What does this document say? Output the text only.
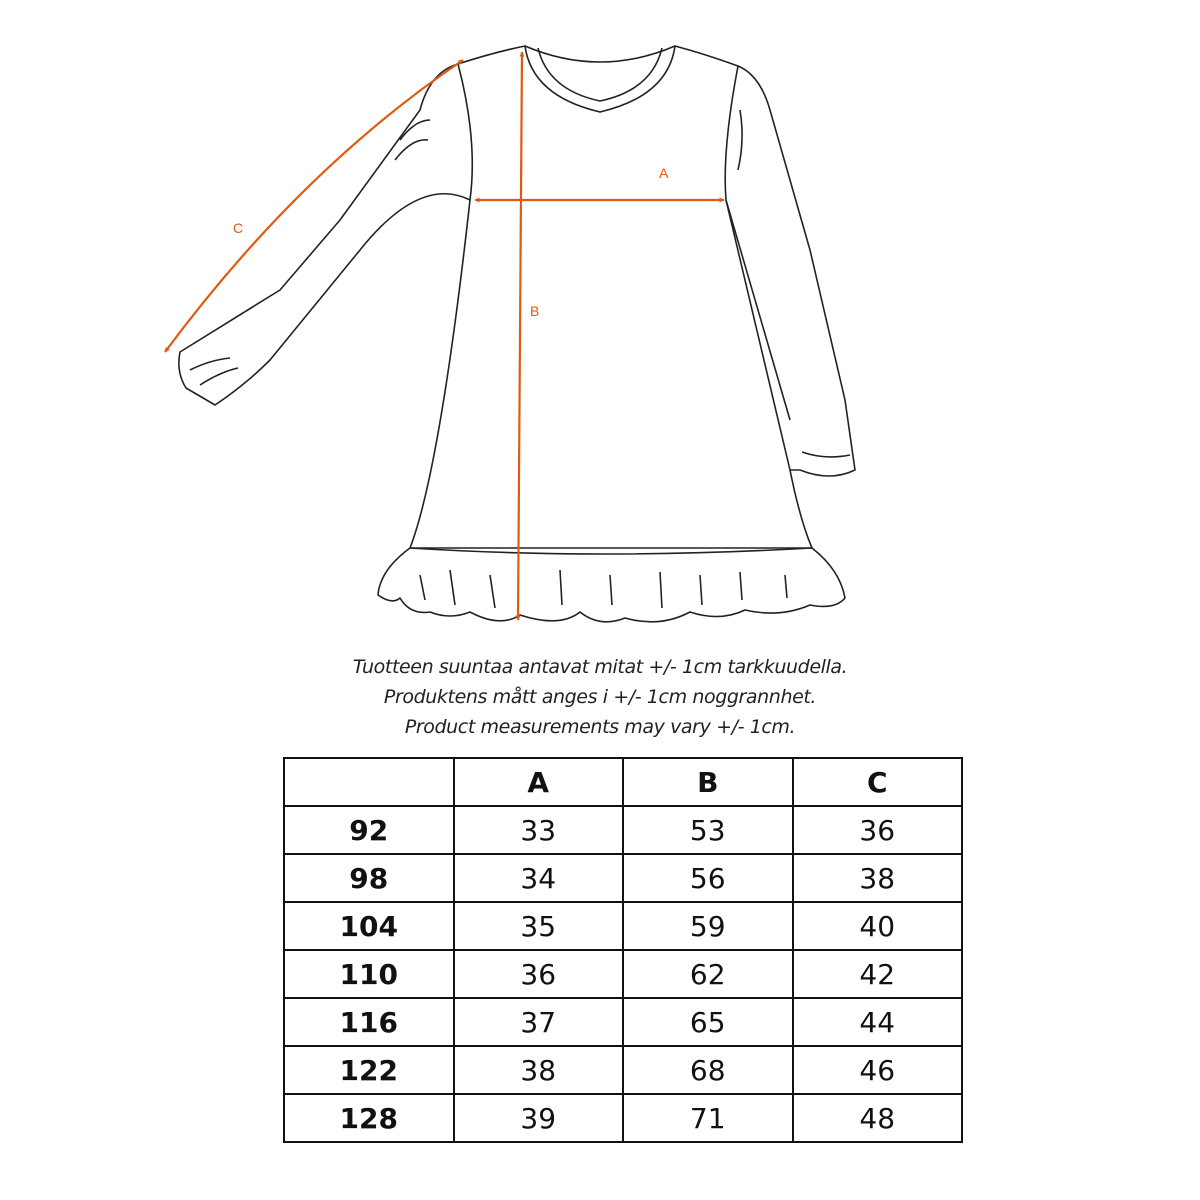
A
B
C
Tuotteen suuntaa antavat mitat +/- 1cm tarkkuudella.
Produktens mått anges i +/- 1cm noggrannhet.
Product measurements may vary +/- 1cm.
	A	B	C
92	33	53	36
98	34	56	38
104	35	59	40
110	36	62	42
116	37	65	44
122	38	68	46
128	39	71	48
